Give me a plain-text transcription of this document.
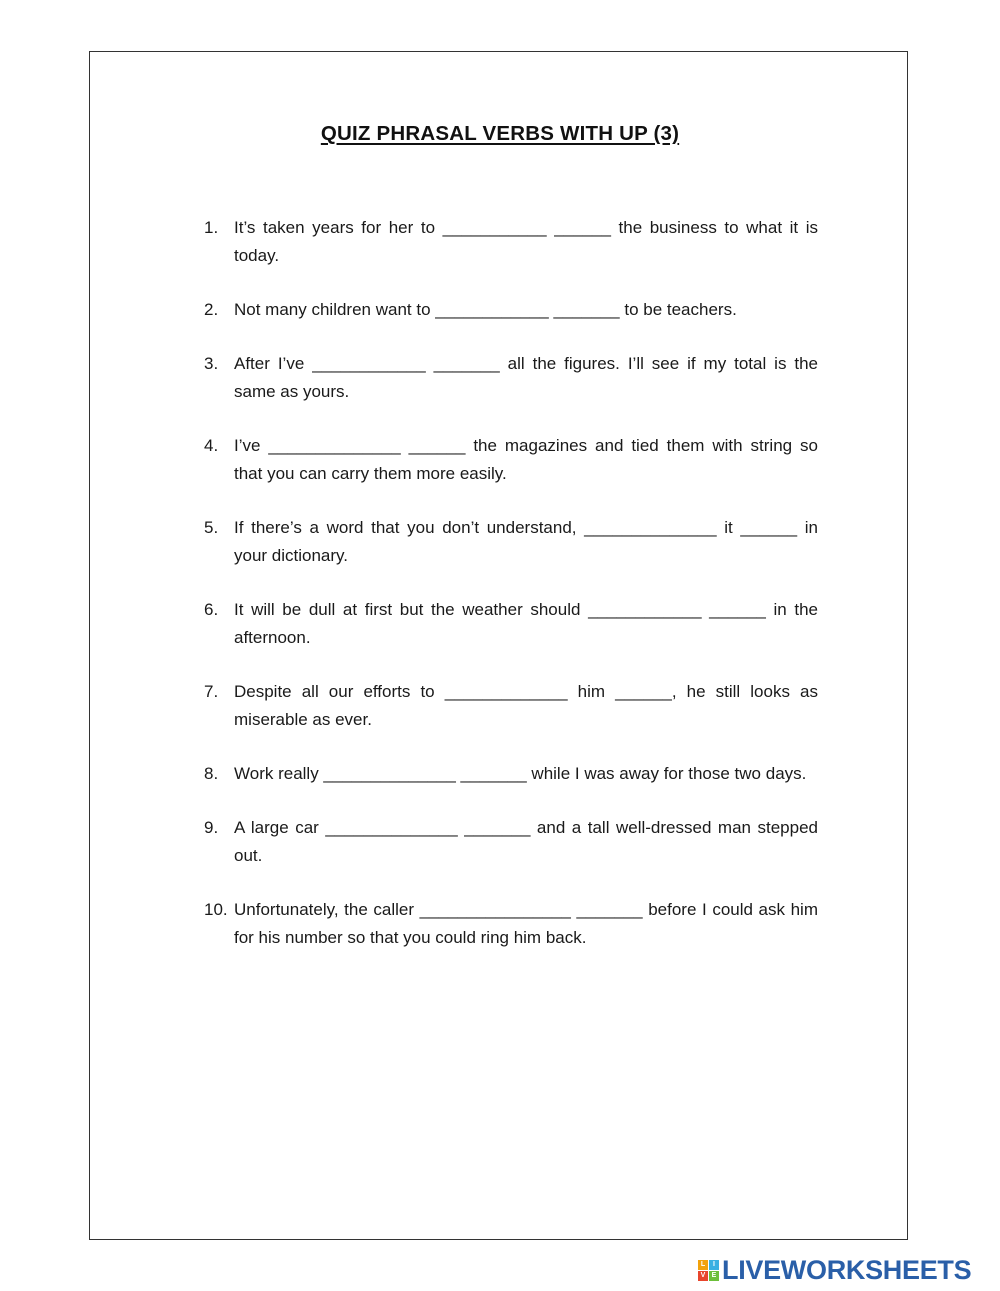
QUIZ PHRASAL VERBS WITH UP (3)
1. It’s taken years for her to ___________ ______ the business to what it is today.
2. Not many children want to ____________ _______ to be teachers.
3. After I’ve ____________ _______ all the figures. I’ll see if my total is the same as yours.
4. I’ve ______________ ______ the magazines and tied them with string so that you can carry them more easily.
5. If there’s a word that you don’t understand, ______________ it ______ in your dictionary.
6. It will be dull at first but the weather should ____________ ______ in the afternoon.
7. Despite all our efforts to _____________ him ______, he still looks as miserable as ever.
8. Work really ______________ _______ while I was away for those two days.
9. A large car ______________ _______ and a tall well-dressed man stepped out.
10. Unfortunately, the caller ________________ _______ before I could ask him for his number so that you could ring him back.
L	I
V E LIVEWORKSHEETS
